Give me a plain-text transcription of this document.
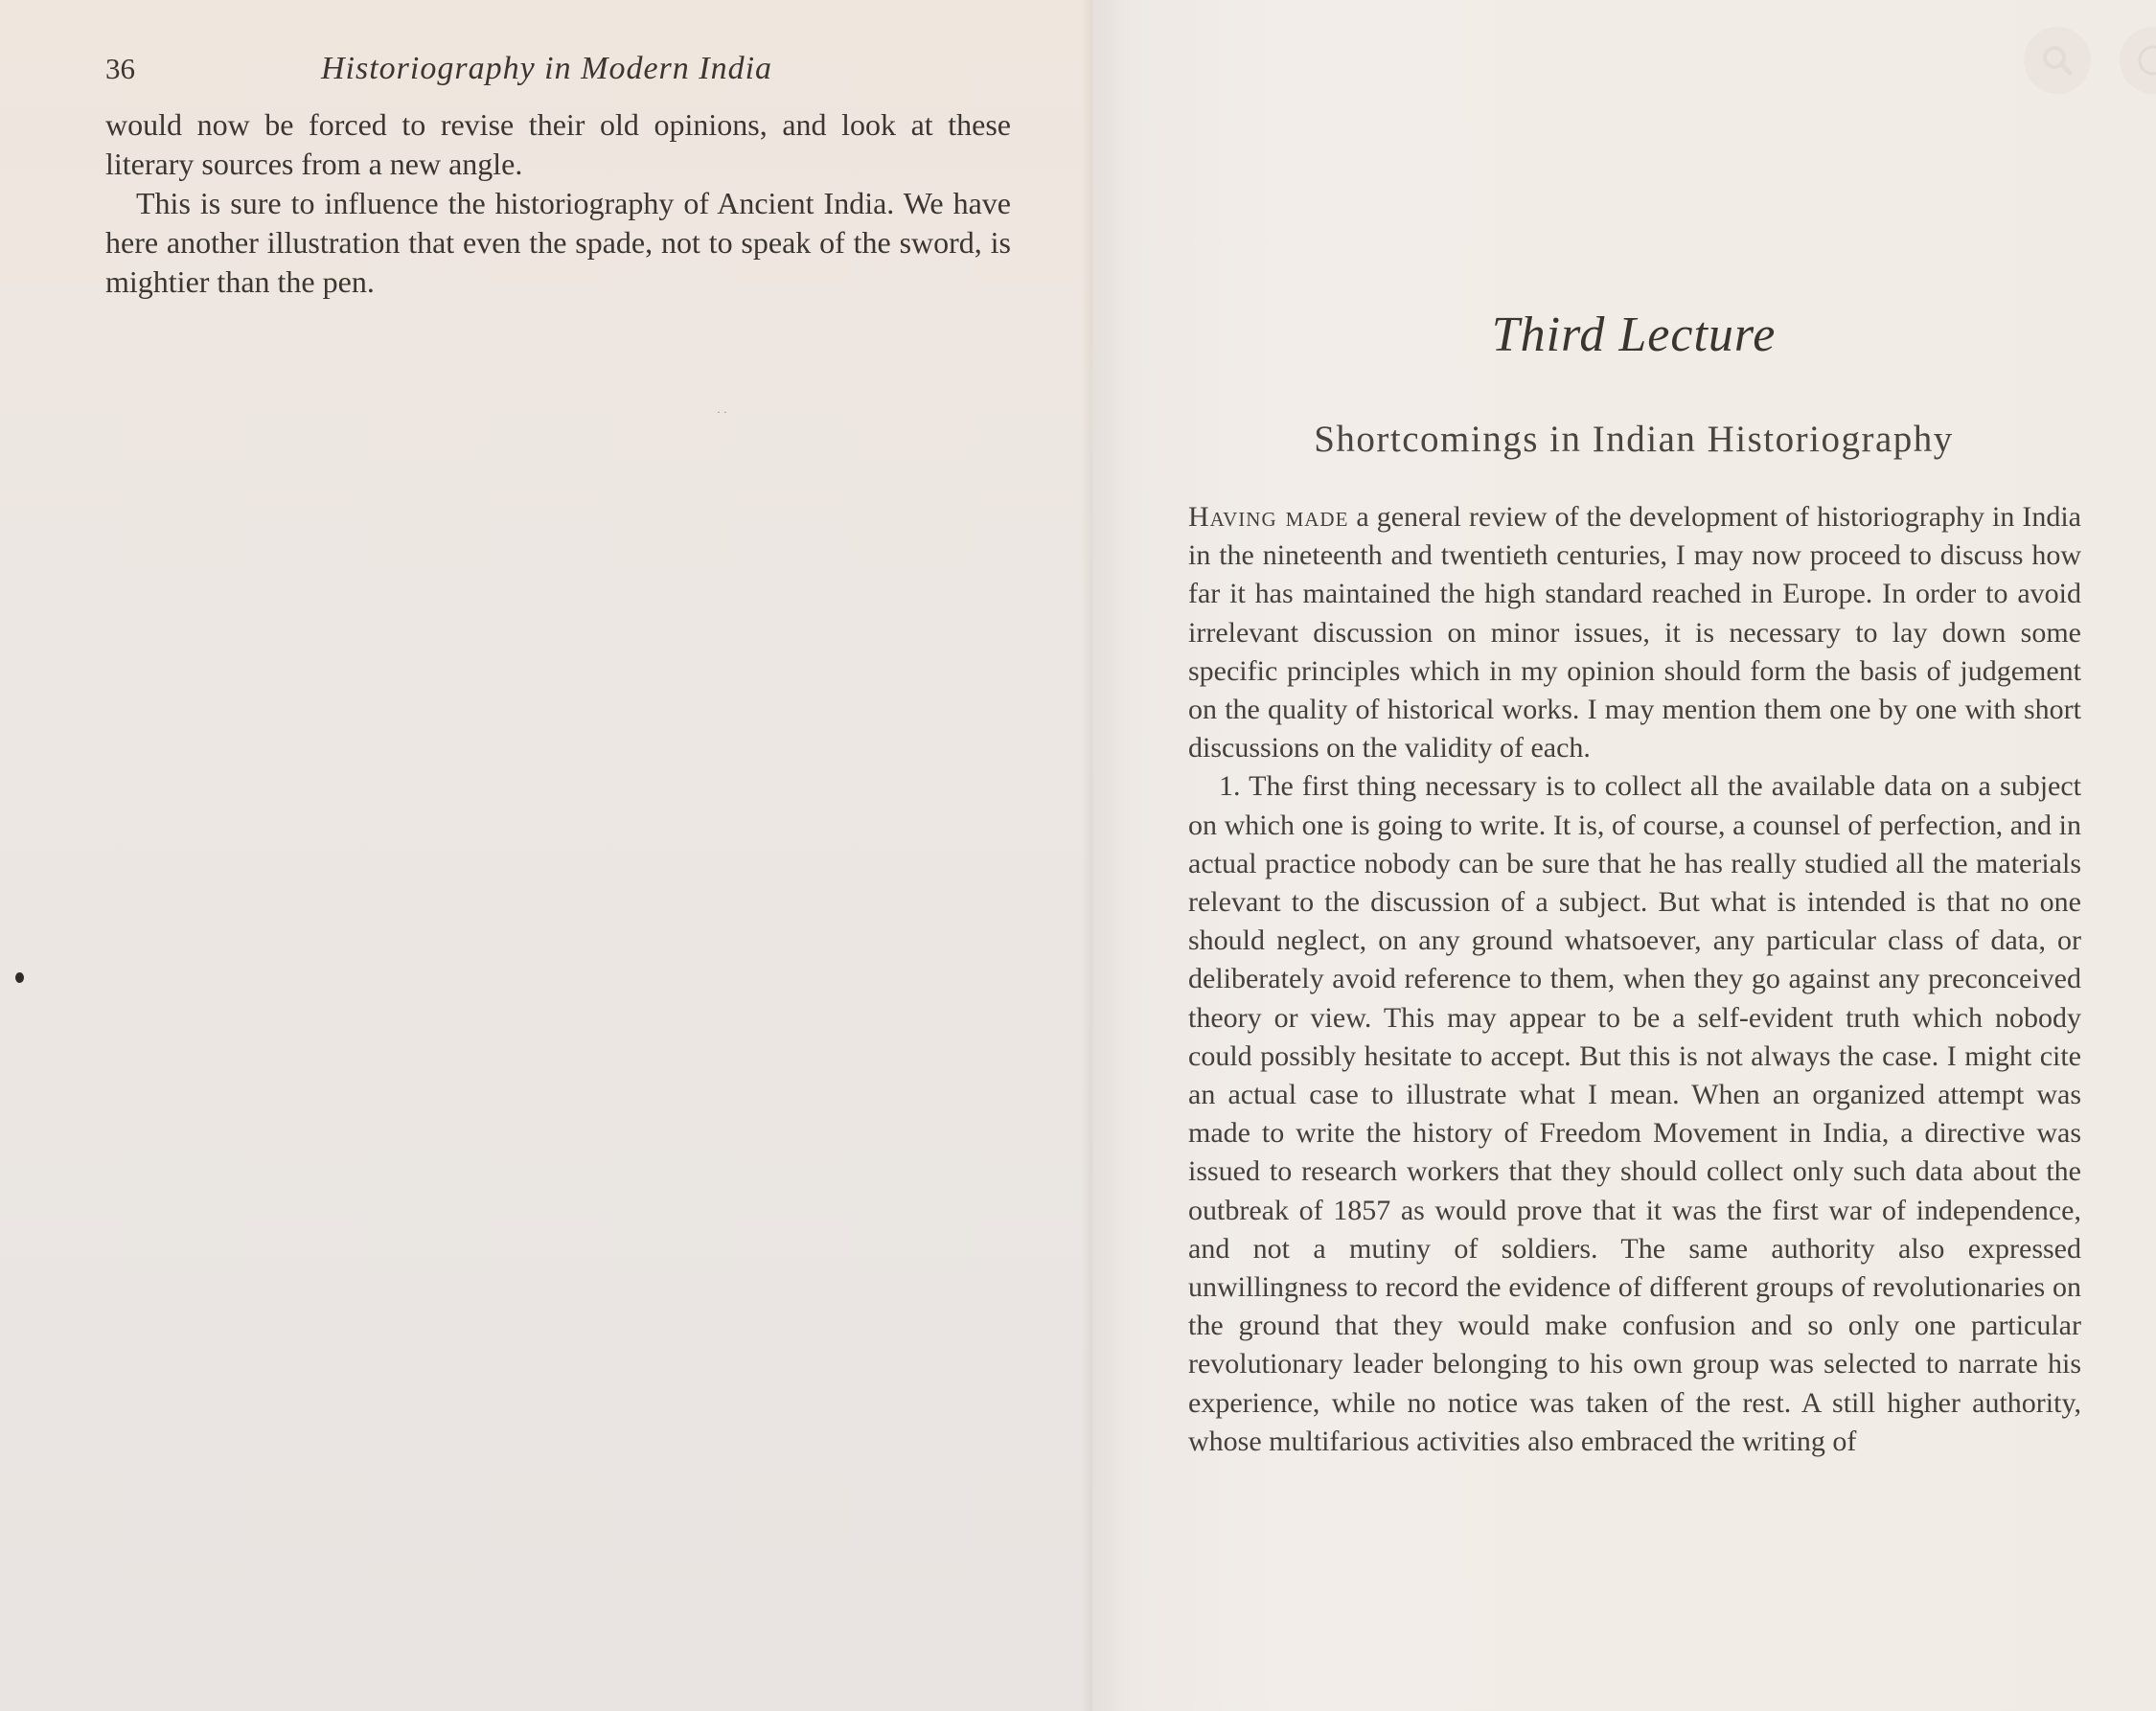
36	Historiography in Modern India

would now be forced to revise their old opinions, and look at these literary sources from a new angle.

This is sure to influence the historiography of Ancient India. We have here another illustration that even the spade, not to speak of the sword, is mightier than the pen.

· ·
Third Lecture
Shortcomings in Indian Historiography

Having made a general review of the development of historiography in India in the nineteenth and twentieth centuries, I may now proceed to discuss how far it has maintained the high standard reached in Europe. In order to avoid irrelevant discussion on minor issues, it is necessary to lay down some specific principles which in my opinion should form the basis of judgement on the quality of historical works. I may mention them one by one with short discussions on the validity of each.

1. The first thing necessary is to collect all the available data on a subject on which one is going to write. It is, of course, a counsel of perfection, and in actual practice nobody can be sure that he has really studied all the materials relevant to the discussion of a subject. But what is intended is that no one should neglect, on any ground whatsoever, any particular class of data, or deliberately avoid reference to them, when they go against any preconceived theory or view. This may appear to be a self-evident truth which nobody could possibly hesitate to accept. But this is not always the case. I might cite an actual case to illustrate what I mean. When an organized attempt was made to write the history of Freedom Movement in India, a directive was issued to research workers that they should collect only such data about the outbreak of 1857 as would prove that it was the first war of independence, and not a mutiny of soldiers. The same authority also expressed unwillingness to record the evidence of different groups of revolutionaries on the ground that they would make confusion and so only one particular revolutionary leader belonging to his own group was selected to narrate his experience, while no notice was taken of the rest. A still higher authority, whose multifarious activities also embraced the writing of
